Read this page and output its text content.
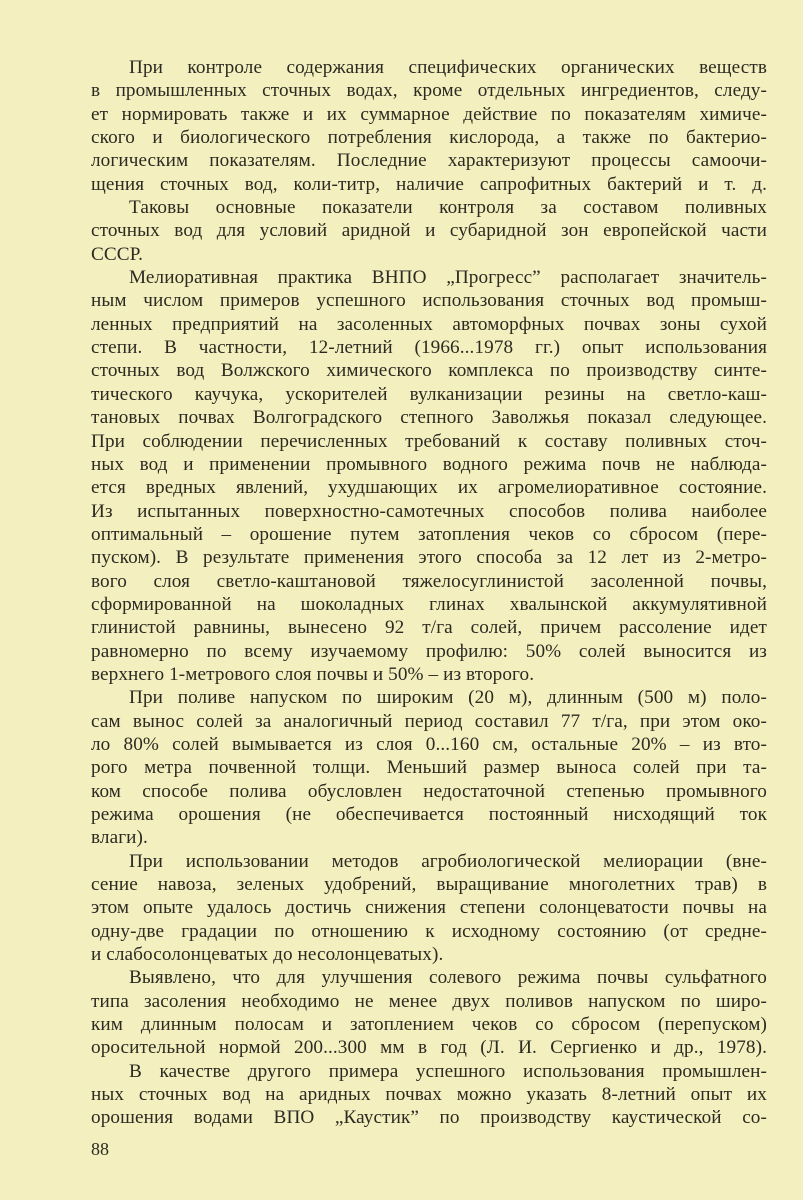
При контроле содержания специфических органических веществ
в промышленных сточных водах, кроме отдельных ингредиентов, следу-
ет нормировать также и их суммарное действие по показателям химиче-
ского и биологического потребления кислорода, а также по бактерио-
логическим показателям. Последние характеризуют процессы самоочи-
щения сточных вод, коли-титр, наличие сапрофитных бактерий и т. д.
Таковы основные показатели контроля за составом поливных
сточных вод для условий аридной и субаридной зон европейской части
СССР.
Мелиоративная практика ВНПО „Прогресс” располагает значитель-
ным числом примеров успешного использования сточных вод промыш-
ленных предприятий на засоленных автоморфных почвах зоны сухой
степи. В частности, 12-летний (1966...1978 гг.) опыт использования
сточных вод Волжского химического комплекса по производству синте-
тического каучука, ускорителей вулканизации резины на светло-каш-
тановых почвах Волгоградского степного Заволжья показал следующее.
При соблюдении перечисленных требований к составу поливных сточ-
ных вод и применении промывного водного режима почв не наблюда-
ется вредных явлений, ухудшающих их агромелиоративное состояние.
Из испытанных поверхностно-самотечных способов полива наиболее
оптимальный – орошение путем затопления чеков со сбросом (пере-
пуском). В результате применения этого способа за 12 лет из 2-метро-
вого слоя светло-каштановой тяжелосуглинистой засоленной почвы,
сформированной на шоколадных глинах хвалынской аккумулятивной
глинистой равнины, вынесено 92 т/га солей, причем рассоление идет
равномерно по всему изучаемому профилю: 50% солей выносится из
верхнего 1-метрового слоя почвы и 50% – из второго.
При поливе напуском по широким (20 м), длинным (500 м) поло-
сам вынос солей за аналогичный период составил 77 т/га, при этом око-
ло 80% солей вымывается из слоя 0...160 см, остальные 20% – из вто-
рого метра почвенной толщи. Меньший размер выноса солей при та-
ком способе полива обусловлен недостаточной степенью промывного
режима орошения (не обеспечивается постоянный нисходящий ток
влаги).
При использовании методов агробиологической мелиорации (вне-
сение навоза, зеленых удобрений, выращивание многолетних трав) в
этом опыте удалось достичь снижения степени солонцеватости почвы на
одну-две градации по отношению к исходному состоянию (от средне-
и слабосолонцеватых до несолонцеватых).
Выявлено, что для улучшения солевого режима почвы сульфатного
типа засоления необходимо не менее двух поливов напуском по широ-
ким длинным полосам и затоплением чеков со сбросом (перепуском)
оросительной нормой 200...300 мм в год (Л. И. Сергиенко и др., 1978).
В качестве другого примера успешного использования промышлен-
ных сточных вод на аридных почвах можно указать 8-летний опыт их
орошения водами ВПО „Каустик” по производству каустической со-
88
